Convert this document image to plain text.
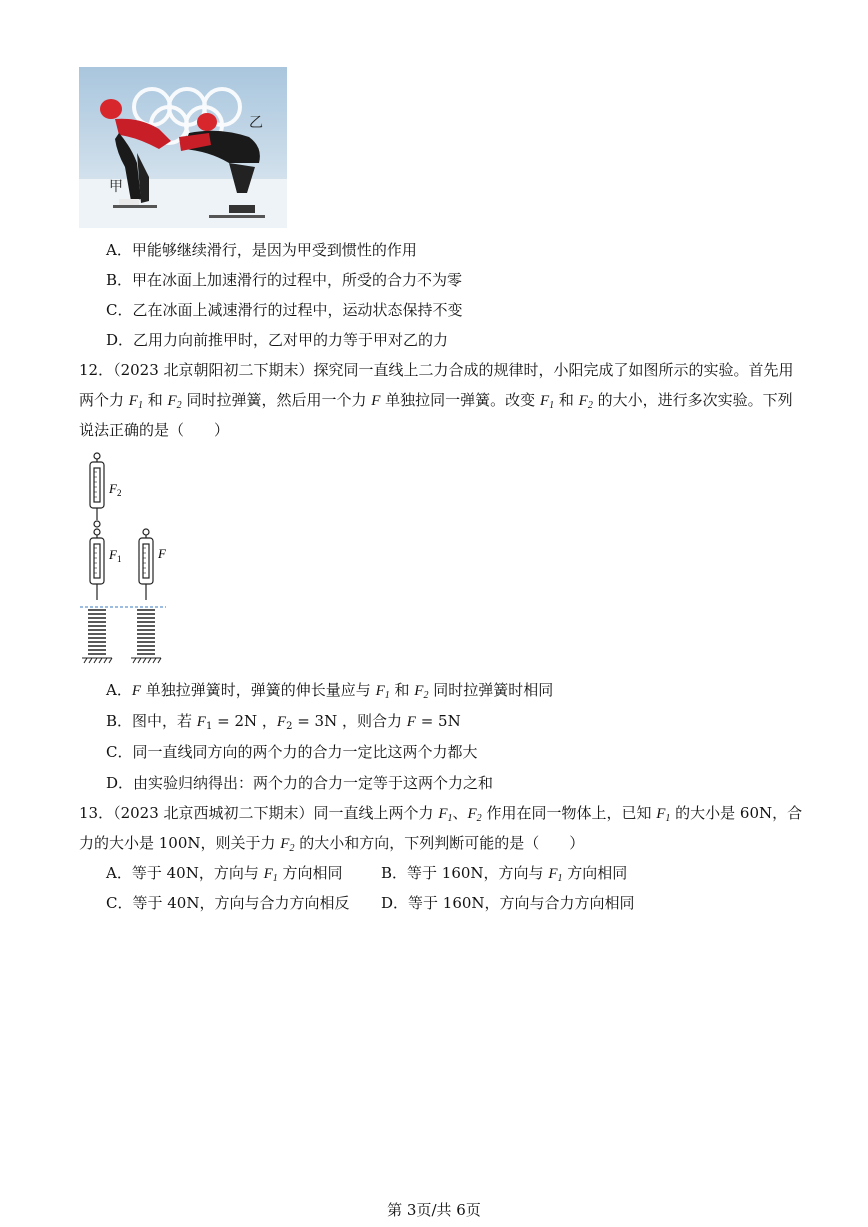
甲
乙
A．甲能够继续滑行，是因为甲受到惯性的作用
B．甲在冰面上加速滑行的过程中，所受的合力不为零
C．乙在冰面上减速滑行的过程中，运动状态保持不变
D．乙用力向前推甲时，乙对甲的力等于甲对乙的力
12．（2023 北京朝阳初二下期末）探究同一直线上二力合成的规律时，小阳完成了如图所示的实验。首先用
两个力 $F_1$ 和 $F_2$ 同时拉弹簧，然后用一个力 F 单独拉同一弹簧。改变 $F_1$ 和 $F_2$ 的大小，进行多次实验。下列
说法正确的是（　　）
$F_2$
$F_1$	F
A．F 单独拉弹簧时，弹簧的伸长量应与 $F_1$ 和 $F_2$ 同时拉弹簧时相同
B．图中，若 $F_1 = 2N$ ，$F_2 = 3N$ ，则合力 F = 5N
C．同一直线同方向的两个力的合力一定比这两个力都大
D．由实验归纳得出：两个力的合力一定等于这两个力之和
13．（2023 北京西城初二下期末）同一直线上两个力 $F_1$、$F_2$ 作用在同一物体上，已知 $F_1$ 的大小是 60N，合
力的大小是 100N，则关于力 $F_2$ 的大小和方向，下列判断可能的是（　　）
A．等于 40N，方向与 $F_1$ 方向相同	B．等于 160N，方向与 $F_1$ 方向相同
C．等于 40N，方向与合力方向相反 D．等于 160N，方向与合力方向相同
第 3页/共 6页
